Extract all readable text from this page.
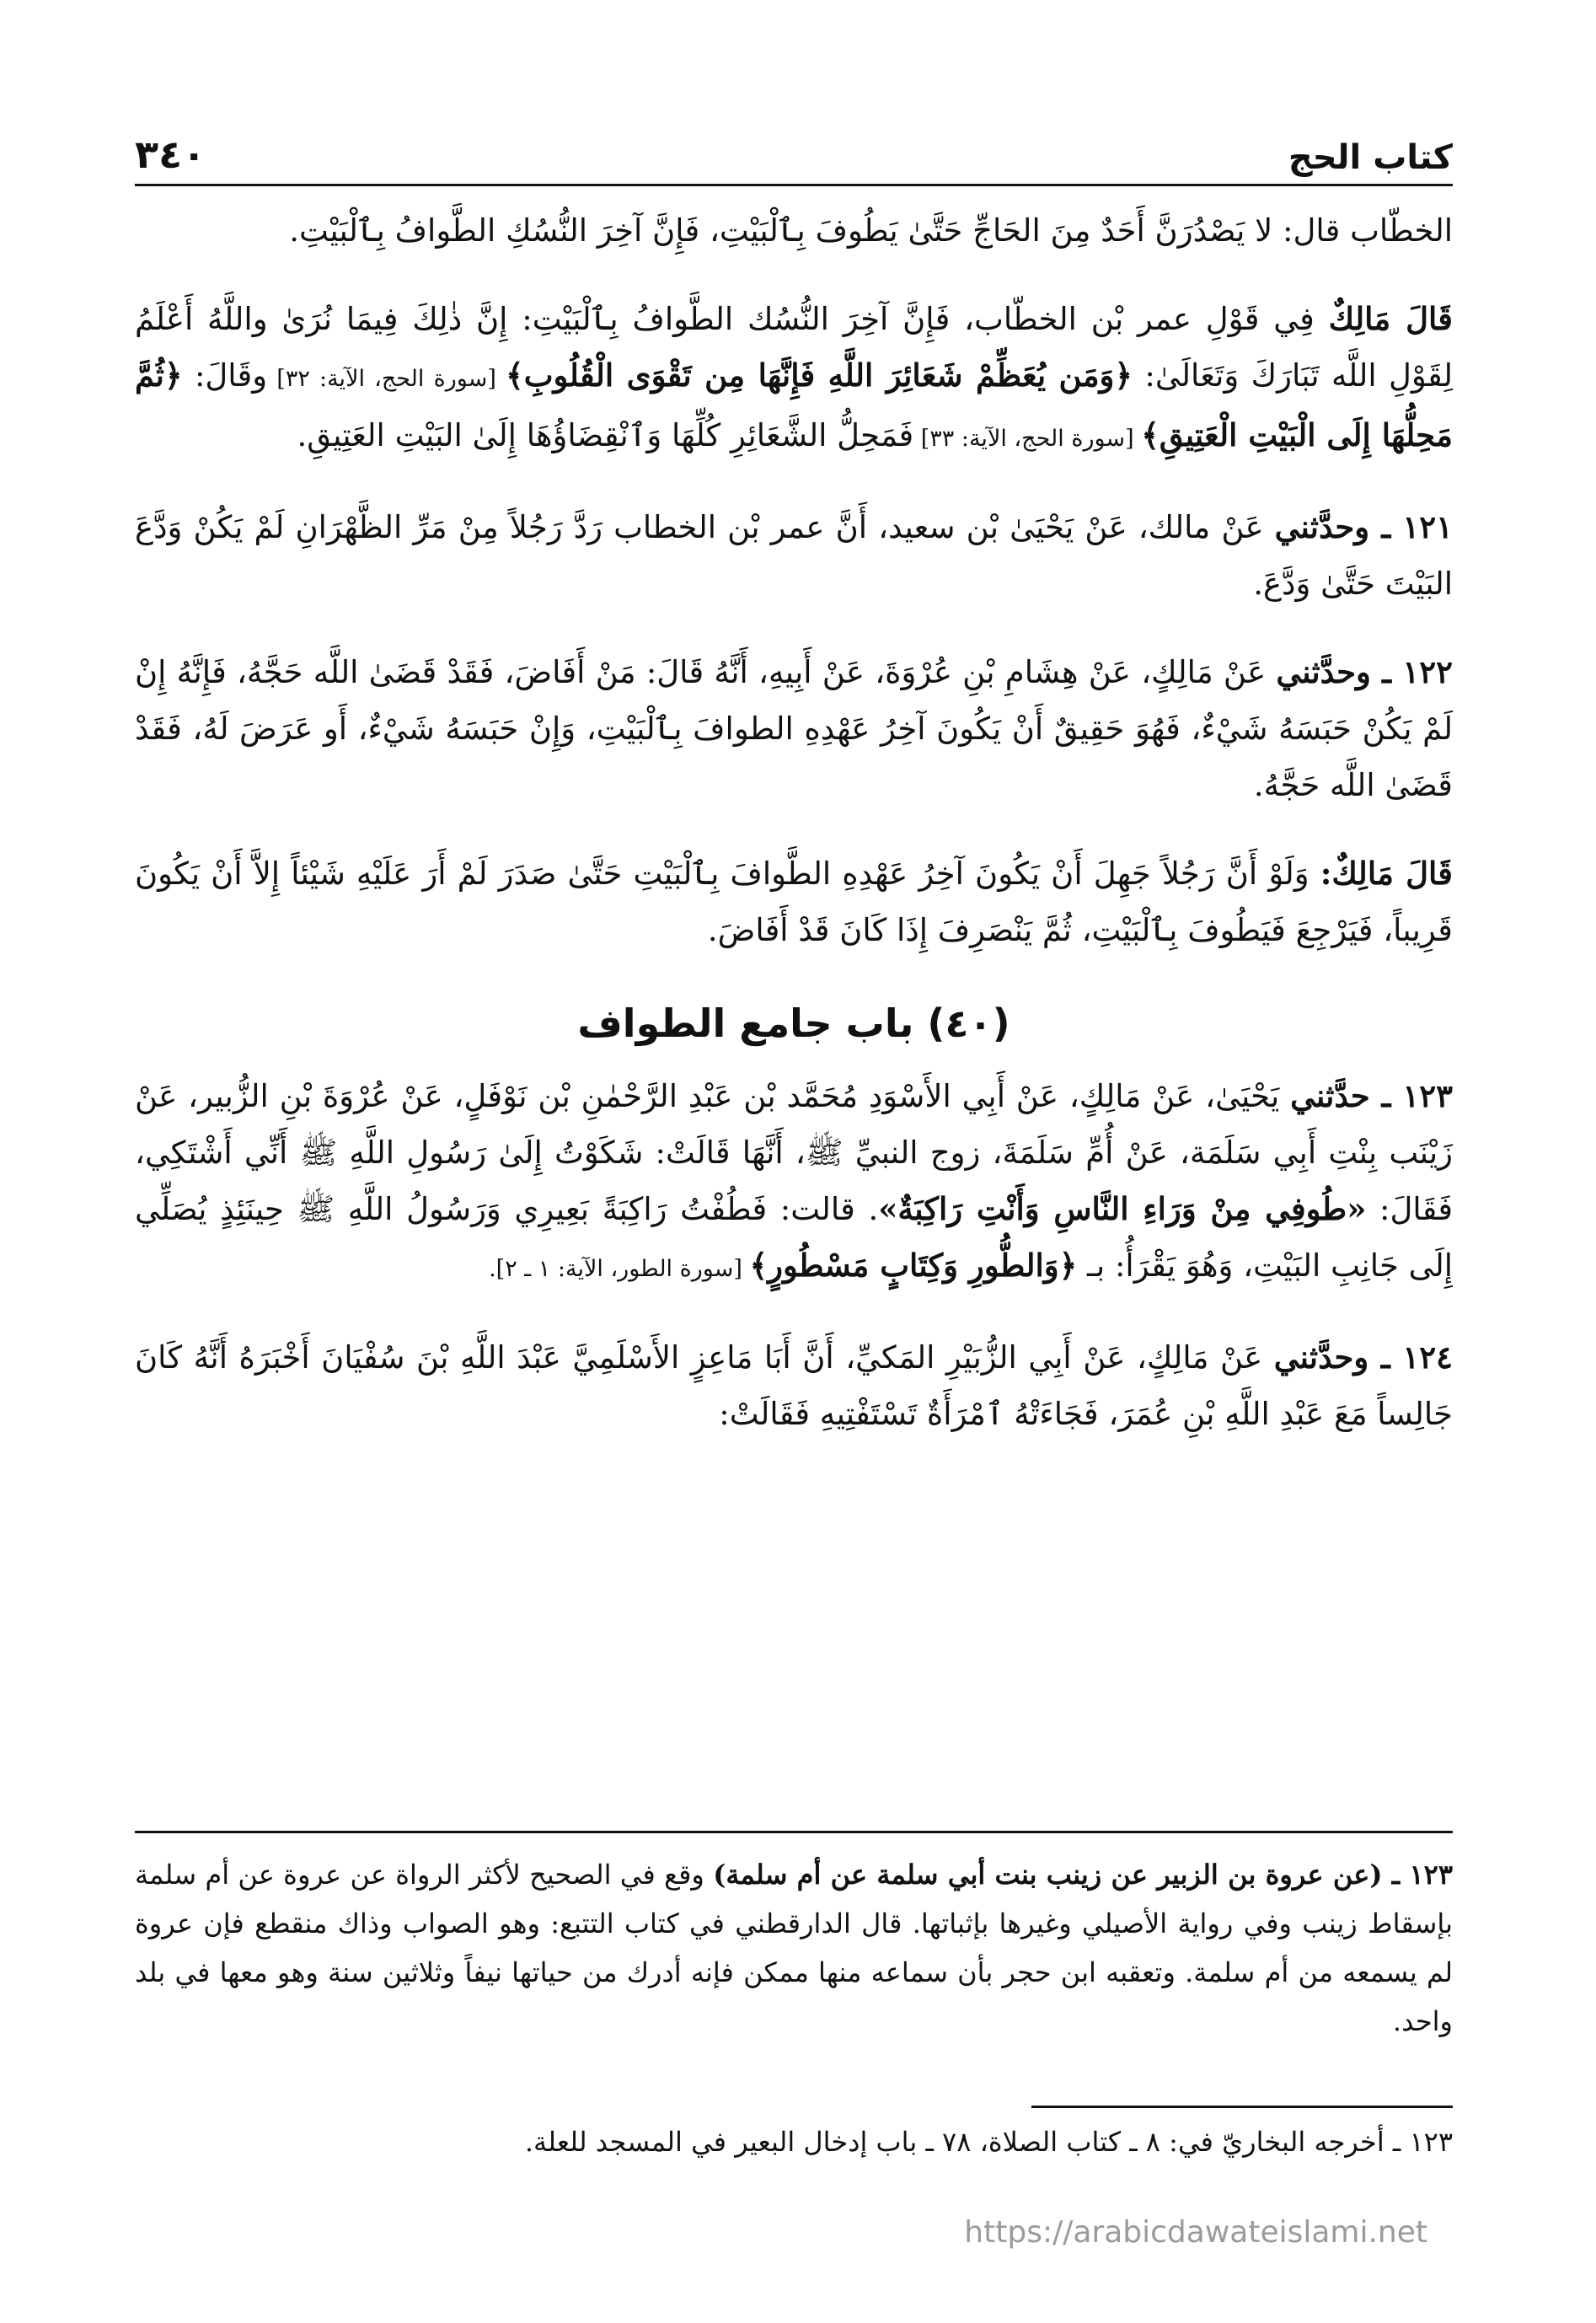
٣٤٠	كتاب الحج

الخطّاب قال: لا يَصْدُرَنَّ أَحَدٌ مِنَ الحَاجِّ حَتَّىٰ يَطُوفَ بِٱلْبَيْتِ، فَإِنَّ آخِرَ النُّسُكِ الطَّوافُ بِٱلْبَيْتِ.

قَالَ مَالِكٌ فِي قَوْلِ عمر بْن الخطّاب، فَإِنَّ آخِرَ النُّسُك الطَّوافُ بِٱلْبَيْتِ: إِنَّ ذٰلِكَ فِيمَا نُرَىٰ واللَّهُ أَعْلَمُ لِقَوْلِ اللَّه تَبَارَكَ وَتَعَالَىٰ: ﴿وَمَن يُعَظِّمْ شَعَائِرَ اللَّهِ فَإِنَّهَا مِن تَقْوَى الْقُلُوبِ﴾ [سورة الحج، الآية: ٣٢] وقَالَ: ﴿ثُمَّ مَحِلُّهَا إِلَى الْبَيْتِ الْعَتِيقِ﴾ [سورة الحج، الآية: ٣٣] فَمَحِلُّ الشَّعَائِرِ كُلِّهَا وَٱنْقِضَاؤُهَا إِلَىٰ البَيْتِ العَتِيقِ.

١٢١ ـ وحدَّثني عَنْ مالك، عَنْ يَحْيَىٰ بْن سعيد، أَنَّ عمر بْن الخطاب رَدَّ رَجُلاً مِنْ مَرِّ الظَّهْرَانِ لَمْ يَكُنْ وَدَّعَ البَيْتَ حَتَّىٰ وَدَّعَ.

١٢٢ ـ وحدَّثني عَنْ مَالِكٍ، عَنْ هِشَامِ بْنِ عُرْوَةَ، عَنْ أَبِيهِ، أَنَّهُ قَالَ: مَنْ أَفَاضَ، فَقَدْ قَضَىٰ اللَّه حَجَّهُ، فَإِنَّهُ إِنْ لَمْ يَكُنْ حَبَسَهُ شَيْءٌ، فَهُوَ حَقِيقٌ أَنْ يَكُونَ آخِرُ عَهْدِهِ الطوافَ بِٱلْبَيْتِ، وَإِنْ حَبَسَهُ شَيْءٌ، أَو عَرَضَ لَهُ، فَقَدْ قَضَىٰ اللَّه حَجَّهُ.

قَالَ مَالِكٌ: وَلَوْ أَنَّ رَجُلاً جَهِلَ أَنْ يَكُونَ آخِرُ عَهْدِهِ الطَّوافَ بِٱلْبَيْتِ حَتَّىٰ صَدَرَ لَمْ أَرَ عَلَيْهِ شَيْئاً إِلاَّ أَنْ يَكُونَ قَرِيباً، فَيَرْجِعَ فَيَطُوفَ بِٱلْبَيْتِ، ثُمَّ يَنْصَرِفَ إِذَا كَانَ قَدْ أَفَاضَ.

(٤٠) باب جامع الطواف

١٢٣ ـ حدَّثني يَحْيَىٰ، عَنْ مَالِكٍ، عَنْ أَبِي الأَسْوَدِ مُحَمَّد بْن عَبْدِ الرَّحْمٰنِ بْن نَوْفَلٍ، عَنْ عُرْوَةَ بْنِ الزُّبير، عَنْ زَيْنَب بِنْتِ أَبِي سَلَمَة، عَنْ أُمِّ سَلَمَةَ، زوج النبيِّ ﷺ، أَنَّهَا قَالَتْ: شَكَوْتُ إِلَىٰ رَسُولِ اللَّهِ ﷺ أَنِّي أَشْتَكِي، فَقَالَ: «طُوفِي مِنْ وَرَاءِ النَّاسِ وَأَنْتِ رَاكِبَةٌ». قالت: فَطُفْتُ رَاكِبَةً بَعِيرِي وَرَسُولُ اللَّهِ ﷺ حِينَئِذٍ يُصَلِّي إِلَى جَانِبِ البَيْتِ، وَهُوَ يَقْرَأُ: بـ ﴿وَالطُّورِ وَكِتَابٍ مَسْطُورٍ﴾ [سورة الطور، الآية: ١ ـ ٢].

١٢٤ ـ وحدَّثني عَنْ مَالِكٍ، عَنْ أَبِي الزُّبَيْرِ المَكيِّ، أَنَّ أَبَا مَاعِزٍ الأَسْلَمِيَّ عَبْدَ اللَّهِ بْنَ سُفْيَانَ أَخْبَرَهُ أَنَّهُ كَانَ جَالِساً مَعَ عَبْدِ اللَّهِ بْنِ عُمَرَ، فَجَاءَتْهُ ٱمْرَأَةٌ تَسْتَفْتِيهِ فَقَالَتْ:

١٢٣ ـ (عن عروة بن الزبير عن زينب بنت أبي سلمة عن أم سلمة) وقع في الصحيح لأكثر الرواة عن عروة عن أم سلمة بإسقاط زينب وفي رواية الأصيلي وغيرها بإثباتها. قال الدارقطني في كتاب التتبع: وهو الصواب وذاك منقطع فإن عروة لم يسمعه من أم سلمة. وتعقبه ابن حجر بأن سماعه منها ممكن فإنه أدرك من حياتها نيفاً وثلاثين سنة وهو معها في بلد واحد.
١٢٣ ـ أخرجه البخاريّ في: ٨ ـ كتاب الصلاة، ٧٨ ـ باب إدخال البعير في المسجد للعلة.
https://arabicdawateislami.net
